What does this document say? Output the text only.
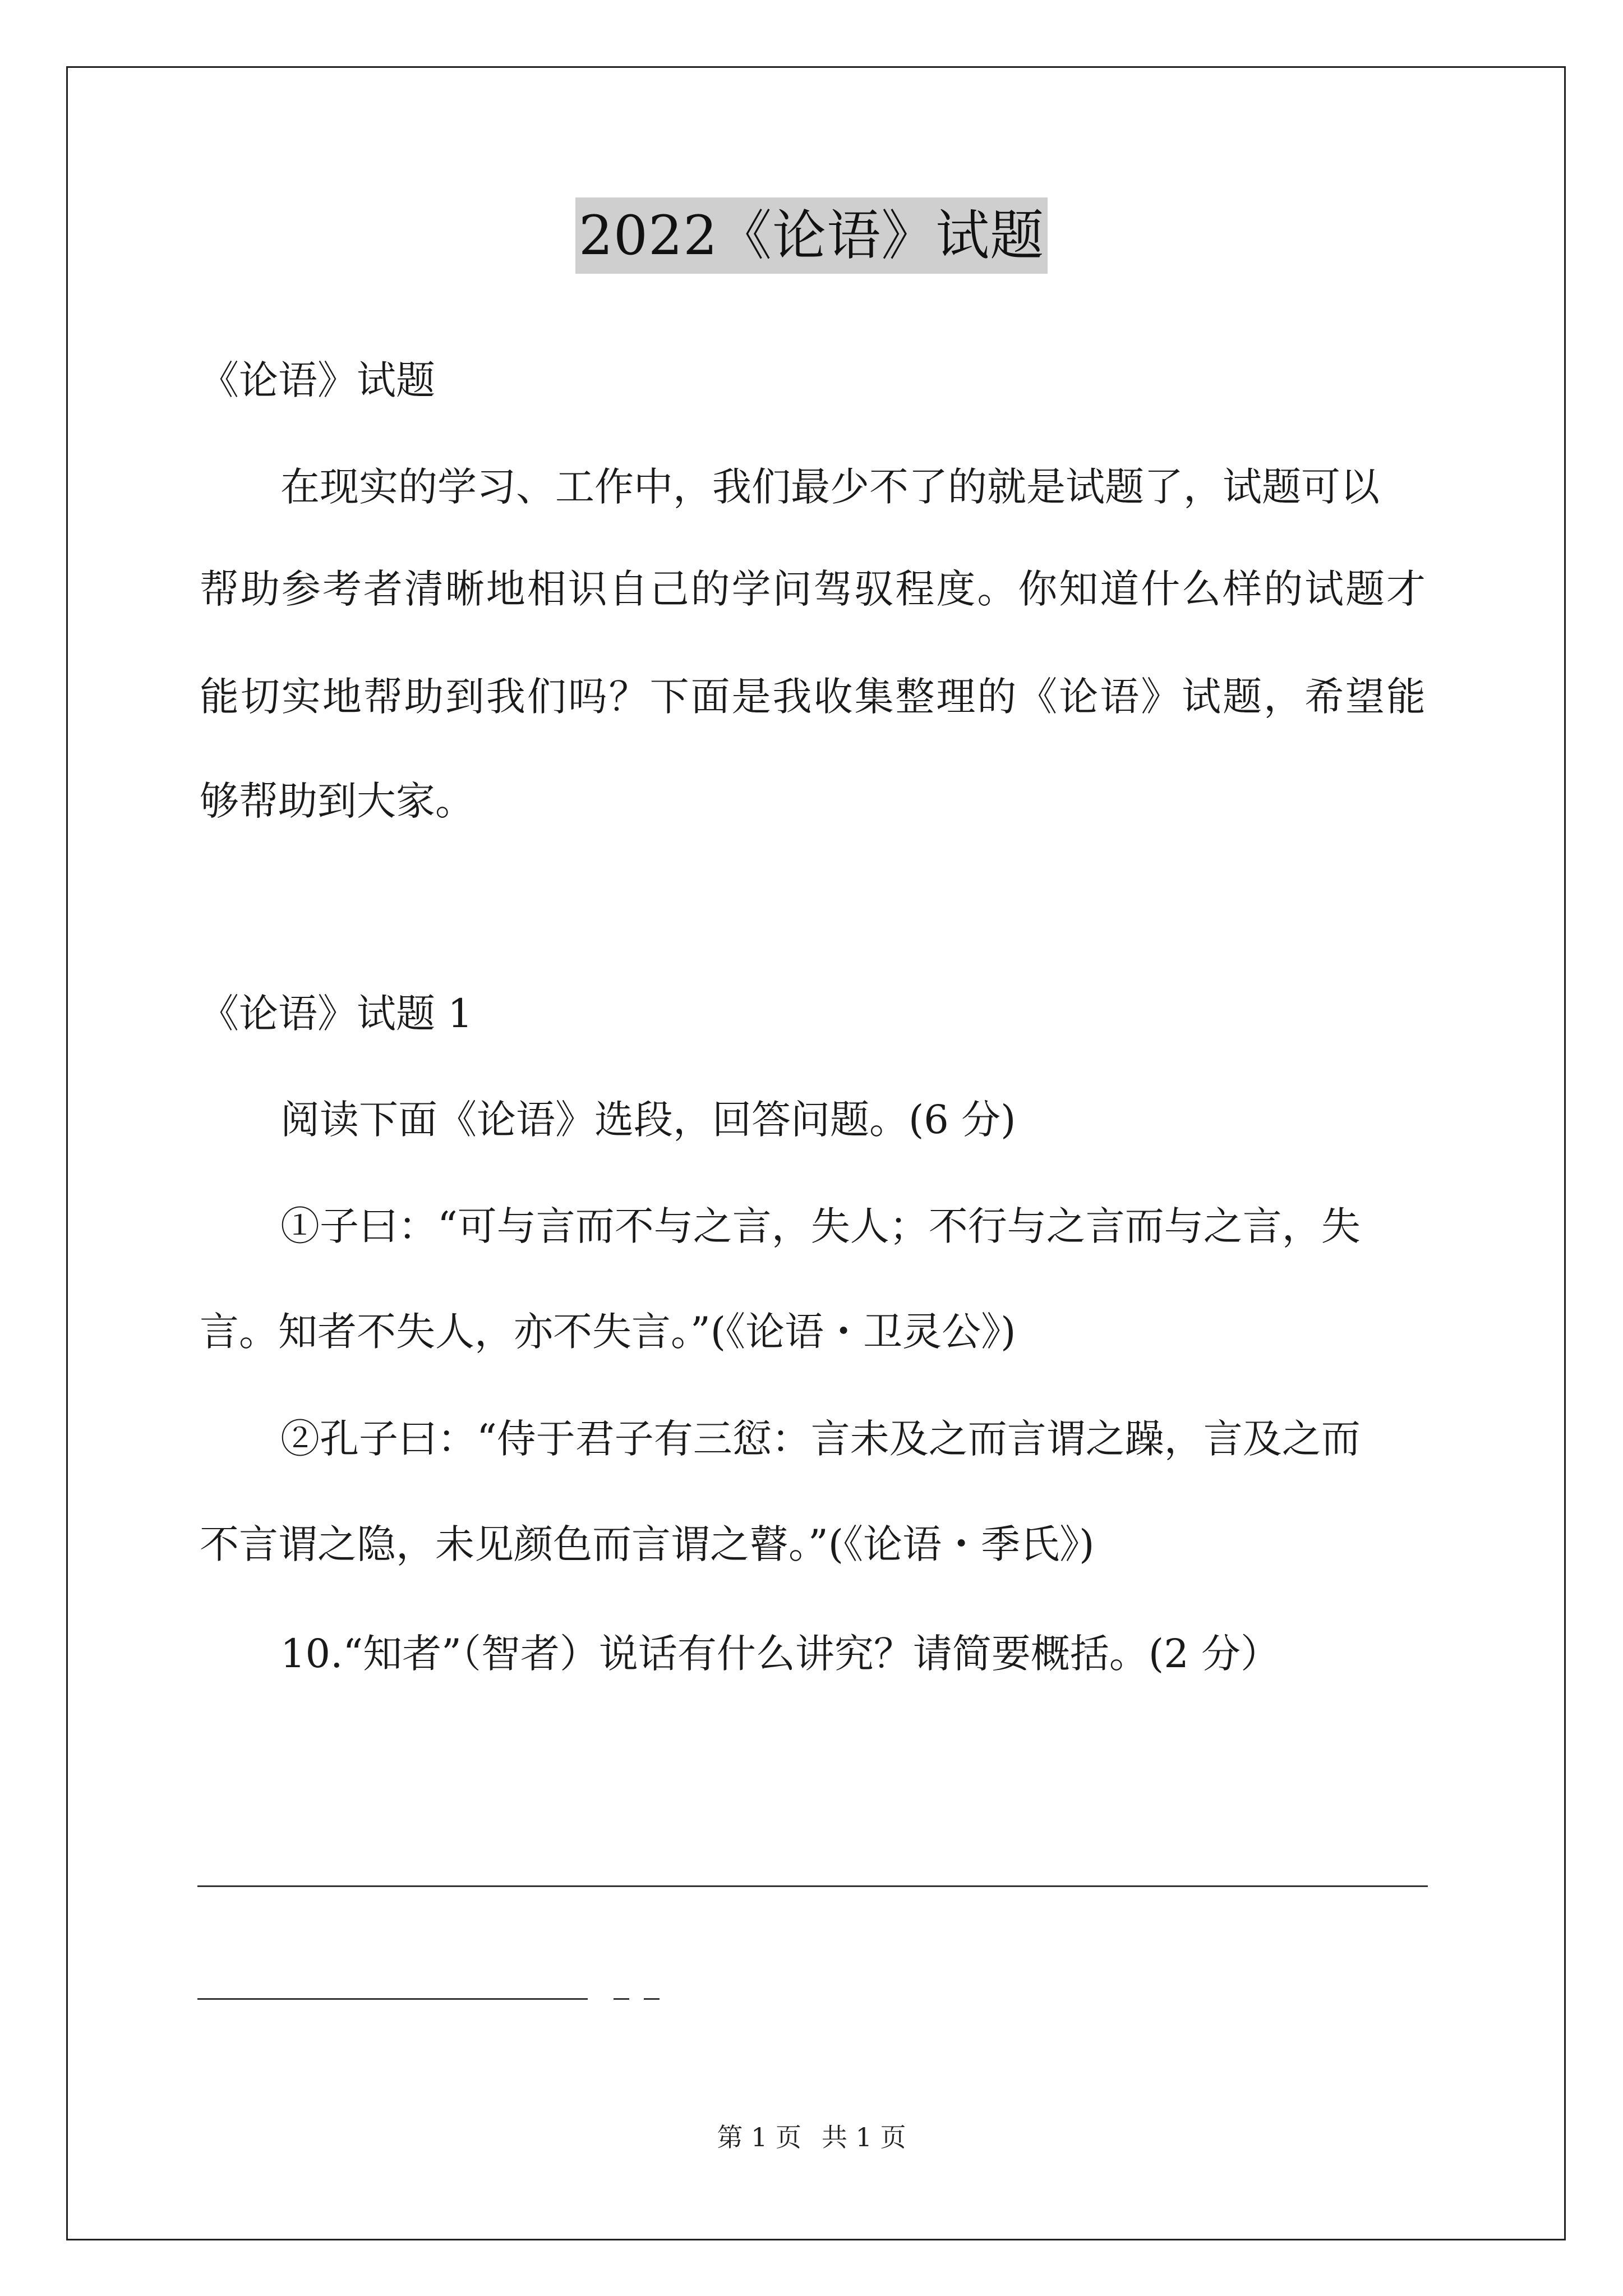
2022《论语》试题
《论语》试题
在现实的学习、工作中，我们最少不了的就是试题了，试题可以
帮助参考者清晰地相识自己的学问驾驭程度。你知道什么样的试题才
能切实地帮助到我们吗？下面是我收集整理的《论语》试题，希望能
够帮助到大家。
《论语》试题 1
阅读下面《论语》选段，回答问题。(6 分)
①子曰：“可与言而不与之言，失人；不行与之言而与之言，失
言。知者不失人，亦不失言。”(《论语・卫灵公》)
②孔子曰：“侍于君子有三愆：言未及之而言谓之躁，言及之而
不言谓之隐，未见颜色而言谓之瞽。”(《论语・季氏》)
10.“知者”（智者）说话有什么讲究？请简要概括。(2 分）
第 1 页 共 1 页
